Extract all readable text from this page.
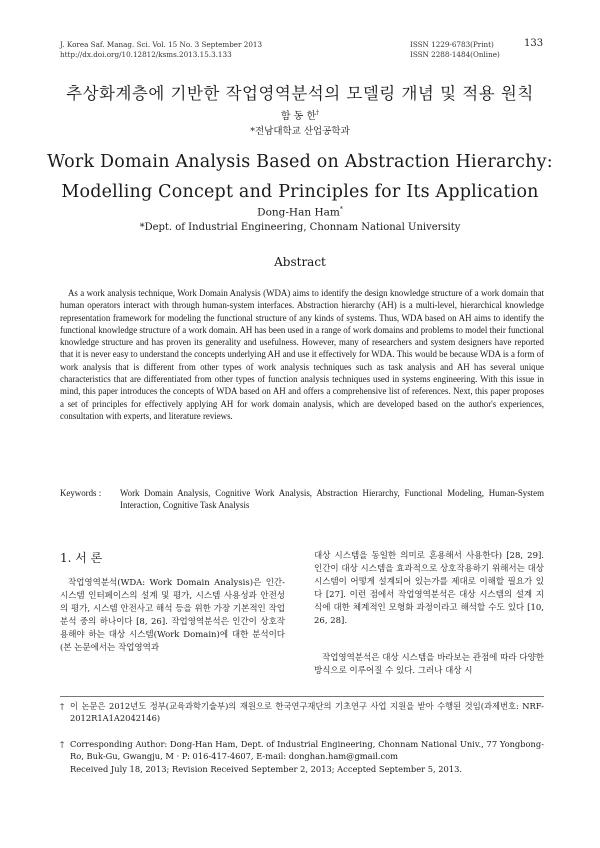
J. Korea Saf. Manag. Sci. Vol. 15 No. 3 September 2013
http://dx.doi.org/10.12812/ksms.2013.15.3.133
ISSN 1229-6783(Print)
ISSN 2288-1484(Online)
133
추상화계층에 기반한 작업영역분석의 모델링 개념 및 적용 원칙
함 동 한†
*전남대학교 산업공학과
Work Domain Analysis Based on Abstraction Hierarchy:
Modelling Concept and Principles for Its Application
Dong-Han Ham*
*Dept. of Industrial Engineering, Chonnam National University
Abstract
As a work analysis technique, Work Domain Analysis (WDA) aims to identify the design knowledge structure of a work domain that human operators interact with through human-system interfaces. Abstraction hierarchy (AH) is a multi-level, hierarchical knowledge representation framework for modeling the functional structure of any kinds of systems. Thus, WDA based on AH aims to identify the functional knowledge structure of a work domain. AH has been used in a range of work domains and problems to model their functional knowledge structure and has proven its generality and usefulness. However, many of researchers and system designers have reported that it is never easy to understand the concepts underlying AH and use it effectively for WDA. This would be because WDA is a form of work analysis that is different from other types of work analysis techniques such as task analysis and AH has several unique characteristics that are differentiated from other types of function analysis techniques used in systems engineering. With this issue in mind, this paper introduces the concepts of WDA based on AH and offers a comprehensive list of references. Next, this paper proposes a set of principles for effectively applying AH for work domain analysis, which are developed based on the author's experiences, consultation with experts, and literature reviews.
Keywords : Work Domain Analysis, Cognitive Work Analysis, Abstraction Hierarchy, Functional Modeling, Human-System Interaction, Cognitive Task Analysis
1. 서 론
작업영역분석(WDA: Work Domain Analysis)은 인간-시스템 인터페이스의 설계 및 평가, 시스템 사용성과 안전성의 평가, 시스템 안전사고 해석 등을 위한 가장 기본적인 작업분석 중의 하나이다 [8, 26]. 작업영역분석은 인간이 상호작용해야 하는 대상 시스템(Work Domain)에 대한 분석이다 (본 논문에서는 작업영역과
대상 시스템을 동일한 의미로 혼용해서 사용한다) [28, 29]. 인간이 대상 시스템을 효과적으로 상호작용하기 위해서는 대상 시스템이 어떻게 설계되어 있는가를 제대로 이해할 필요가 있다 [27]. 이런 점에서 작업영역분석은 대상 시스템의 설계 지식에 대한 체계적인 모형화 과정이라고 해석할 수도 있다 [10, 26, 28].
작업영역분석은 대상 시스템을 바라보는 관점에 따라 다양한 방식으로 이루어질 수 있다. 그러나 대상 시
† 이 논문은 2012년도 정부(교육과학기술부)의 재원으로 한국연구재단의 기초연구 사업 지원을 받아 수행된 것임(과제번호: NRF-2012R1A1A2042146)
† Corresponding Author: Dong-Han Ham, Dept. of Industrial Engineering, Chonnam National Univ., 77 Yongbong-Ro, Buk-Gu, Gwangju, M · P: 016-417-4607, E-mail: donghan.ham@gmail.com
Received July 18, 2013; Revision Received September 2, 2013; Accepted September 5, 2013.
